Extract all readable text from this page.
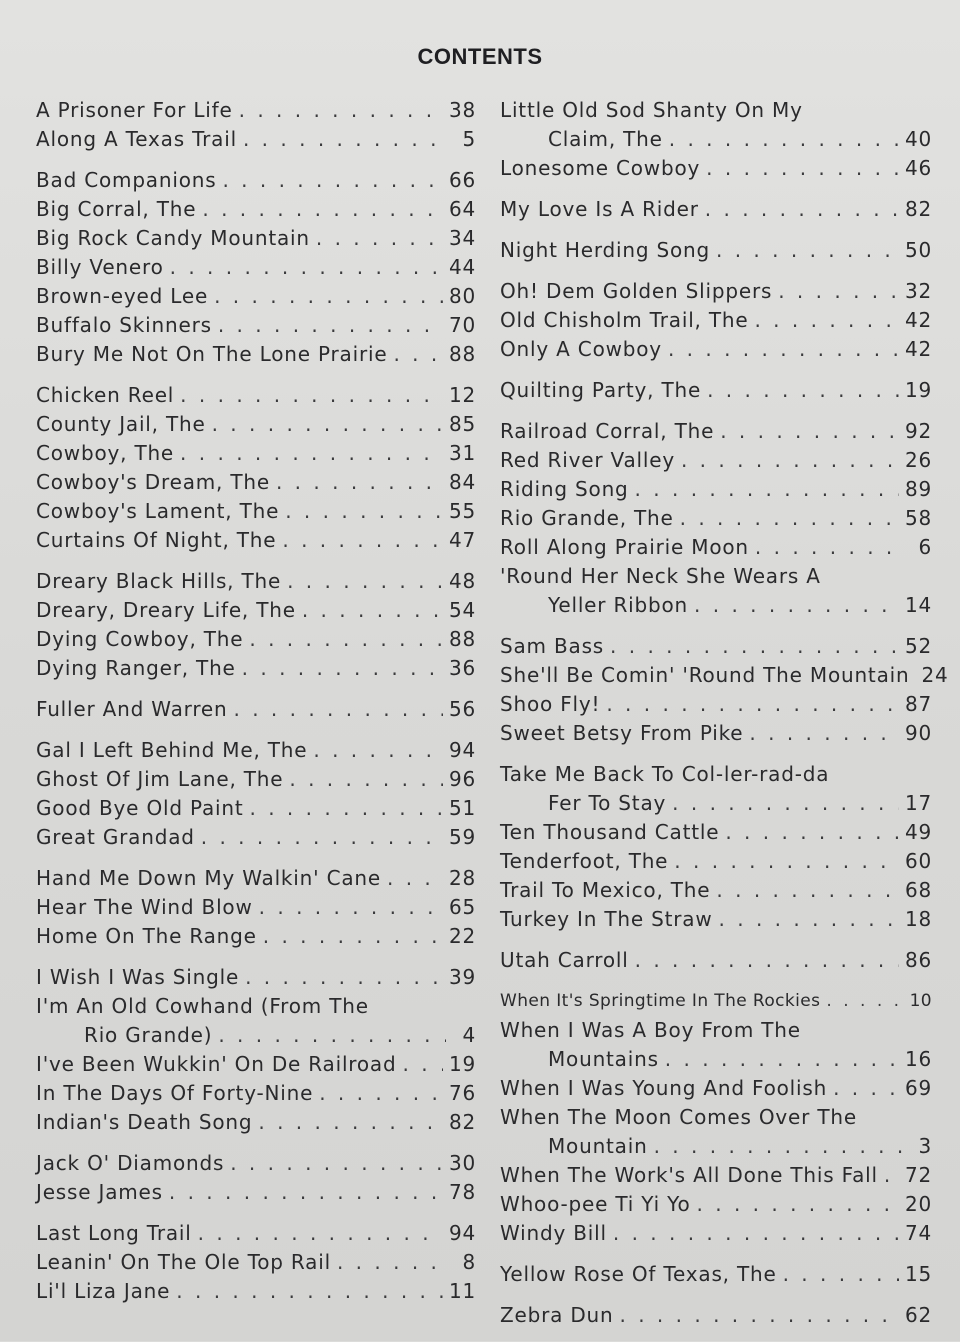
CONTENTS
A Prisoner For Life . . .	38
Along A Texas Trail . . .	5
Bad Companions . . .	66
Big Corral, The . . .	64
Big Rock Candy Mountain . . .	34
Billy Venero . . .	44
Brown-eyed Lee . . .	80
Buffalo Skinners . . .	70
Bury Me Not On The Lone Prairie . . .	88
Chicken Reel . . .	12
County Jail, The . . .	85
Cowboy, The . . .	31
Cowboy's Dream, The . . .	84
Cowboy's Lament, The . . .	55
Curtains Of Night, The . . .	47
Dreary Black Hills, The . . .	48
Dreary, Dreary Life, The . . .	54
Dying Cowboy, The . . .	88
Dying Ranger, The . . .	36
Fuller And Warren . . .	56
Gal I Left Behind Me, The . . .	94
Ghost Of Jim Lane, The . . .	96
Good Bye Old Paint . . .	51
Great Grandad . . .	59
Hand Me Down My Walkin' Cane . . .	28
Hear The Wind Blow . . .	65
Home On The Range . . .	22
I Wish I Was Single . . .	39
I'm An Old Cowhand (From The
Rio Grande) . . .	4
I've Been Wukkin' On De Railroad . . .	19
In The Days Of Forty-Nine . . .	76
Indian's Death Song . . .	82
Jack O' Diamonds . . .	30
Jesse James . . .	78
Last Long Trail . . .	94
Leanin' On The Ole Top Rail . . .	8
Li'l Liza Jane . . .	11
Little Old Sod Shanty On My
Claim, The . . .	40
Lonesome Cowboy . . .	46
My Love Is A Rider . . .	82
Night Herding Song . . .	50
Oh! Dem Golden Slippers . . .	32
Old Chisholm Trail, The . . .	42
Only A Cowboy . . .	42
Quilting Party, The . . .	19
Railroad Corral, The . . .	92
Red River Valley . . .	26
Riding Song . . .	89
Rio Grande, The . . .	58
Roll Along Prairie Moon . . .	6
'Round Her Neck She Wears A
Yeller Ribbon . . .	14
Sam Bass . . .	52
She'll Be Comin' 'Round The Mountain 24
Shoo Fly! . . .	87
Sweet Betsy From Pike . . .	90
Take Me Back To Col-ler-rad-da
Fer To Stay . . .	17
Ten Thousand Cattle . . .	49
Tenderfoot, The . . .	60
Trail To Mexico, The . . .	68
Turkey In The Straw . . .	18
Utah Carroll . . .	86
When It's Springtime In The Rockies . . .	10
When I Was A Boy From The
Mountains . . .	16
When I Was Young And Foolish . . .	69
When The Moon Comes Over The
Mountain . . .	3
When The Work's All Done This Fall . . . 72
Whoo-pee Ti Yi Yo . . .	20
Windy Bill . . .	74
Yellow Rose Of Texas, The . . .	15
Zebra Dun . . .	62
